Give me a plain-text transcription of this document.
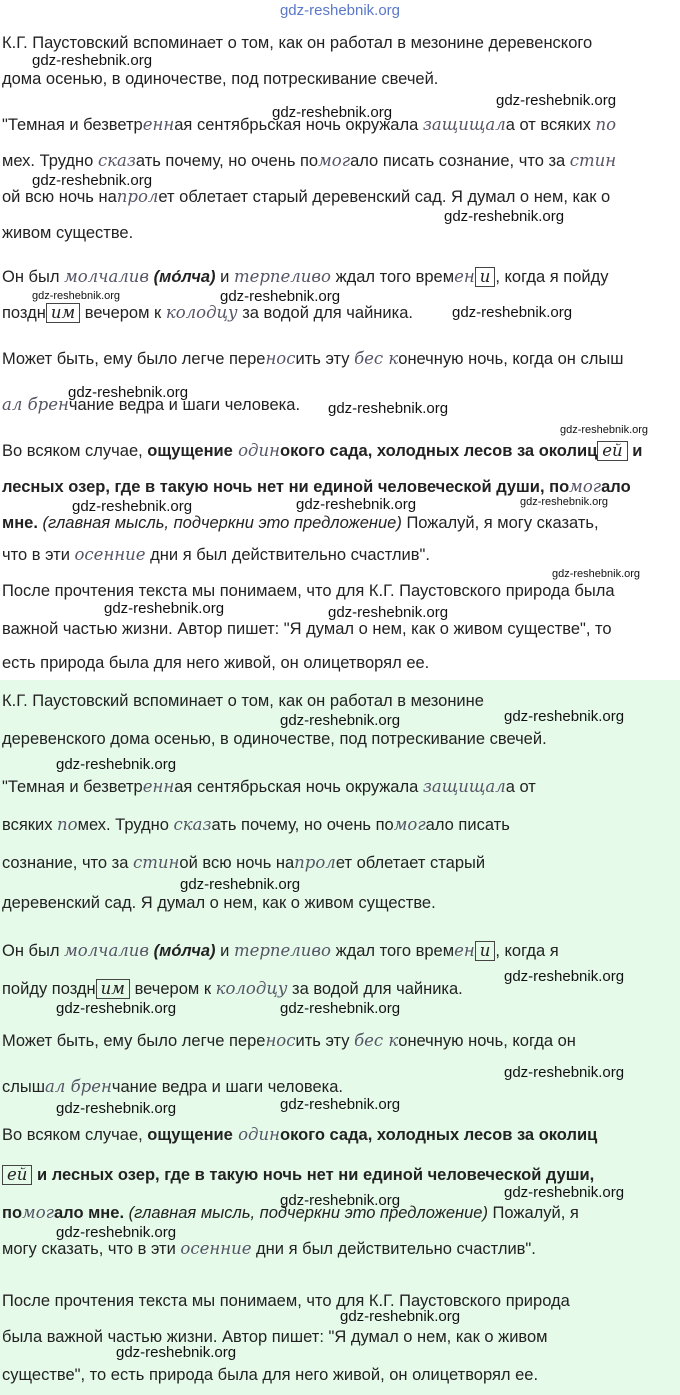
gdz-reshebnik.org
К.Г. Паустовский вспоминает о том, как он работал в мезонине деревенского
дома осенью, в одиночестве, под потрескивание свечей.
"Темная и безветренная сентябрьская ночь окружала защищала от всяких по
мех. Трудно сказать почему, но очень помогало писать сознание, что за стин
ой всю ночь напролет облетает старый деревенский сад. Я думал о нем, как о
живом существе.
Он был молчалив (мо́лча) и терпеливо ждал того времен и , когда я пойду
поздн им вечером к колодцу за водой для чайника.
Может быть, ему было легче переносить эту бес конечную ночь, когда он слыш
ал бренчание ведра и шаги человека.
Во всяком случае, ощущение одинокого сада, холодных лесов за околиц ей и
лесных озер, где в такую ночь нет ни единой человеческой души, помогало
мне. (главная мысль, подчеркни это предложение) Пожалуй, я могу сказать,
что в эти осенние дни я был действительно счастлив".
После прочтения текста мы понимаем, что для К.Г. Паустовского природа была
важной частью жизни. Автор пишет: "Я думал о нем, как о живом существе", то
есть природа была для него живой, он олицетворял ее.
К.Г. Паустовский вспоминает о том, как он работал в мезонине
деревенского дома осенью, в одиночестве, под потрескивание свечей.
"Темная и безветренная сентябрьская ночь окружала защищала от
всяких помех. Трудно сказать почему, но очень помогало писать
сознание, что за стиной всю ночь напролет облетает старый
деревенский сад. Я думал о нем, как о живом существе.
Он был молчалив (мо́лча) и терпеливо ждал того времен и , когда я
пойду поздн им вечером к колодцу за водой для чайника.
Может быть, ему было легче переносить эту бес конечную ночь, когда он
слышал бренчание ведра и шаги человека.
Во всяком случае, ощущение одинокого сада, холодных лесов за околиц
ей и лесных озер, где в такую ночь нет ни единой человеческой души,
помогало мне. (главная мысль, подчеркни это предложение) Пожалуй, я
могу сказать, что в эти осенние дни я был действительно счастлив".
После прочтения текста мы понимаем, что для К.Г. Паустовского природа
была важной частью жизни. Автор пишет: "Я думал о нем, как о живом
существе", то есть природа была для него живой, он олицетворял ее.
gdz-reshebnik.org
gdz-reshebnik.org
gdz-reshebnik.org
gdz-reshebnik.org
gdz-reshebnik.org
gdz-reshebnik.org	gdz-reshebnik.org
gdz-reshebnik.org
gdz-reshebnik.org
gdz-reshebnik.org
gdz-reshebnik.org
gdz-reshebnik.org	gdz-reshebnik.org	gdz-reshebnik.org
gdz-reshebnik.org
gdz-reshebnik.org	gdz-reshebnik.org
gdz-reshebnik.org	gdz-reshebnik.org
gdz-reshebnik.org
gdz-reshebnik.org
gdz-reshebnik.org
gdz-reshebnik.org	gdz-reshebnik.org
gdz-reshebnik.org
gdz-reshebnik.org	gdz-reshebnik.org
gdz-reshebnik.org
gdz-reshebnik.org
gdz-reshebnik.org
gdz-reshebnik.org
gdz-reshebnik.org
